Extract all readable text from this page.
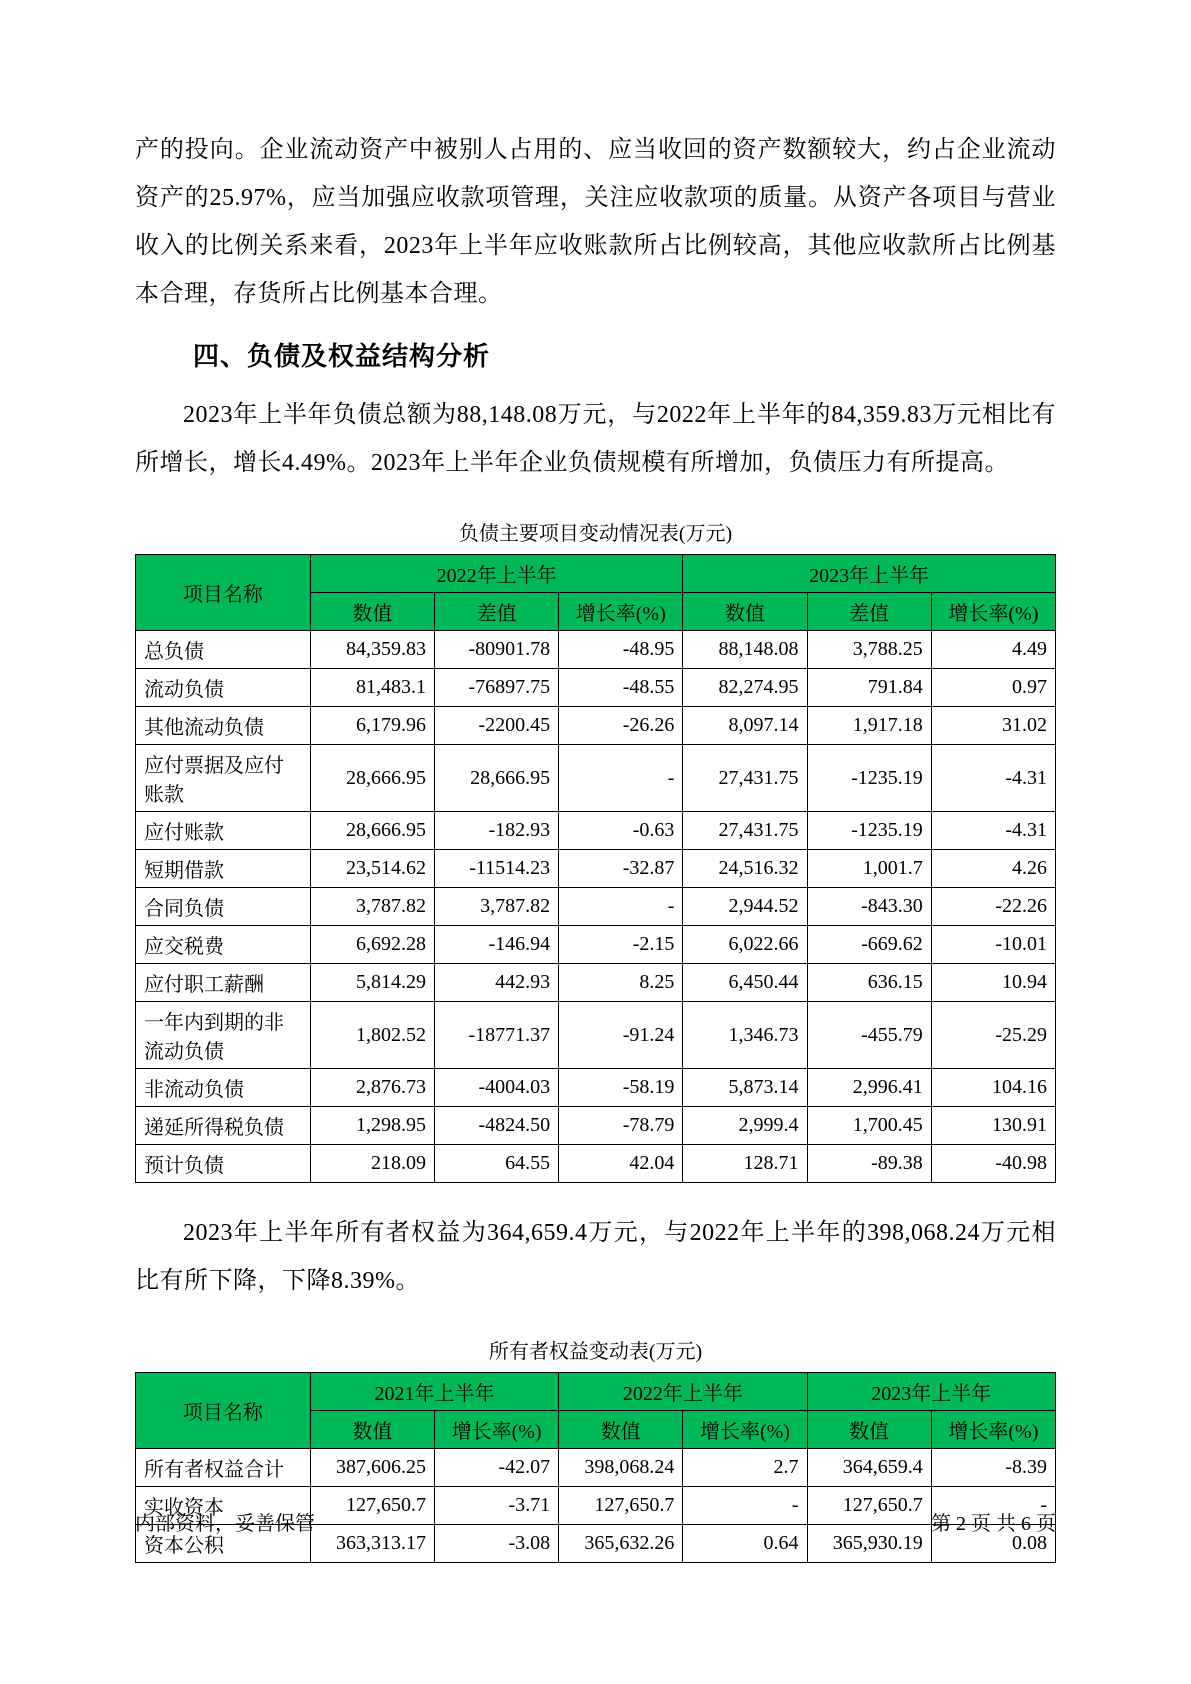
产的投向。企业流动资产中被别人占用的、应当收回的资产数额较大，约占企业流动资产的25.97%，应当加强应收款项管理，关注应收款项的质量。从资产各项目与营业收入的比例关系来看，2023年上半年应收账款所占比例较高，其他应收款所占比例基本合理，存货所占比例基本合理。

四、负债及权益结构分析

2023年上半年负债总额为88,148.08万元，与2022年上半年的84,359.83万元相比有所增长，增长4.49%。2023年上半年企业负债规模有所增加，负债压力有所提高。

负债主要项目变动情况表(万元)
项目名称	2022年上半年			2023年上半年		
	数值	差值	增长率(%)	数值	差值	增长率(%)
总负债	84,359.83	-80901.78	-48.95	88,148.08	3,788.25	4.49
流动负债	81,483.1	-76897.75	-48.55	82,274.95	791.84	0.97
其他流动负债	6,179.96	-2200.45	-26.26	8,097.14	1,917.18	31.02
应付票据及应付账款	28,666.95	28,666.95	-	27,431.75	-1235.19	-4.31
应付账款	28,666.95	-182.93	-0.63	27,431.75	-1235.19	-4.31
短期借款	23,514.62	-11514.23	-32.87	24,516.32	1,001.7	4.26
合同负债	3,787.82	3,787.82	-	2,944.52	-843.30	-22.26
应交税费	6,692.28	-146.94	-2.15	6,022.66	-669.62	-10.01
应付职工薪酬	5,814.29	442.93	8.25	6,450.44	636.15	10.94
一年内到期的非流动负债	1,802.52	-18771.37	-91.24	1,346.73	-455.79	-25.29
非流动负债	2,876.73	-4004.03	-58.19	5,873.14	2,996.41	104.16
递延所得税负债	1,298.95	-4824.50	-78.79	2,999.4	1,700.45	130.91
预计负债	218.09	64.55	42.04	128.71	-89.38	-40.98

2023年上半年所有者权益为364,659.4万元，与2022年上半年的398,068.24万元相比有所下降，下降8.39%。

所有者权益变动表(万元)
项目名称	2021年上半年		2022年上半年		2023年上半年	
	数值	增长率(%)	数值	增长率(%)	数值	增长率(%)
所有者权益合计	387,606.25	-42.07	398,068.24	2.7	364,659.4	-8.39
实收资本	127,650.7	-3.71	127,650.7	-	127,650.7	-
资本公积	363,313.17	-3.08	365,632.26	0.64	365,930.19	0.08
内部资料，妥善保管	第 2 页 共 6 页
